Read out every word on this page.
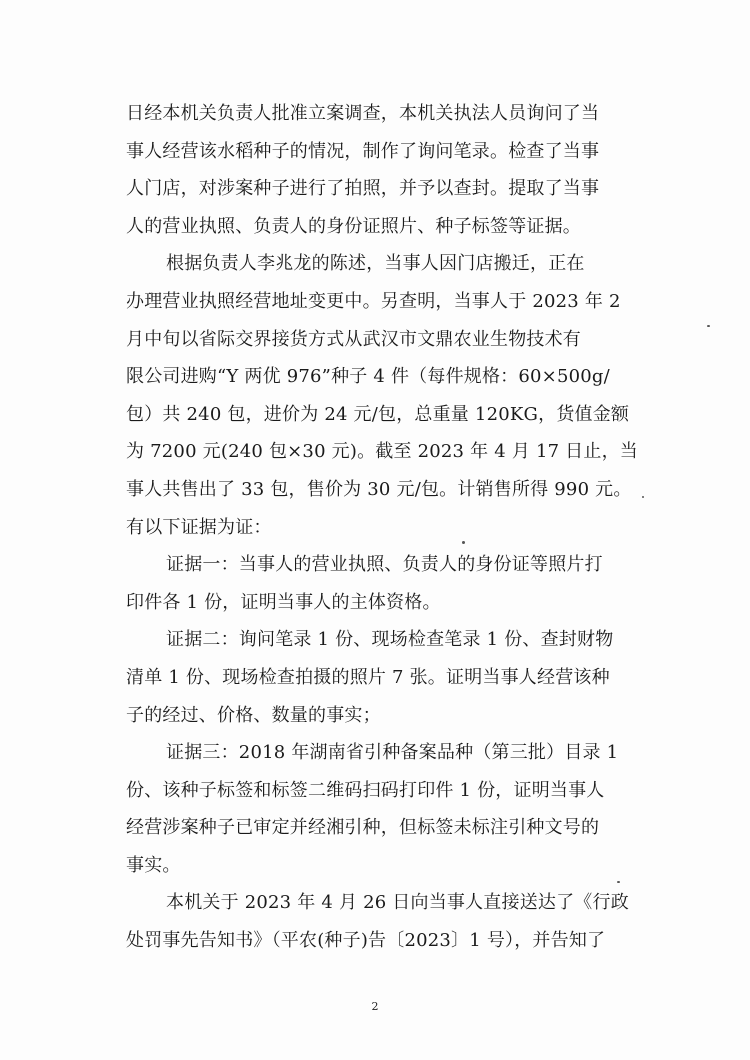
日经本机关负责人批准立案调查，本机关执法人员询问了当
事人经营该水稻种子的情况，制作了询问笔录。检查了当事
人门店，对涉案种子进行了拍照，并予以查封。提取了当事
人的营业执照、负责人的身份证照片、种子标签等证据。
根据负责人李兆龙的陈述，当事人因门店搬迁，正在
办理营业执照经营地址变更中。另查明，当事人于 2023 年 2
月中旬以省际交界接货方式从武汉市文鼎农业生物技术有
限公司进购“Y 两优 976”种子 4 件（每件规格：60×500g/
包）共 240 包，进价为 24 元/包，总重量 120KG，货值金额
为 7200 元(240 包×30 元)。截至 2023 年 4 月 17 日止，当
事人共售出了 33 包，售价为 30 元/包。计销售所得 990 元。
有以下证据为证：
证据一：当事人的营业执照、负责人的身份证等照片打
印件各 1 份，证明当事人的主体资格。
证据二：询问笔录 1 份、现场检查笔录 1 份、查封财物
清单 1 份、现场检查拍摄的照片 7 张。证明当事人经营该种
子的经过、价格、数量的事实；
证据三：2018 年湖南省引种备案品种（第三批）目录 1
份、该种子标签和标签二维码扫码打印件 1 份，证明当事人
经营涉案种子已审定并经湘引种，但标签未标注引种文号的
事实。
本机关于 2023 年 4 月 26 日向当事人直接送达了《行政
处罚事先告知书》（平农(种子)告〔2023〕1 号），并告知了
2
